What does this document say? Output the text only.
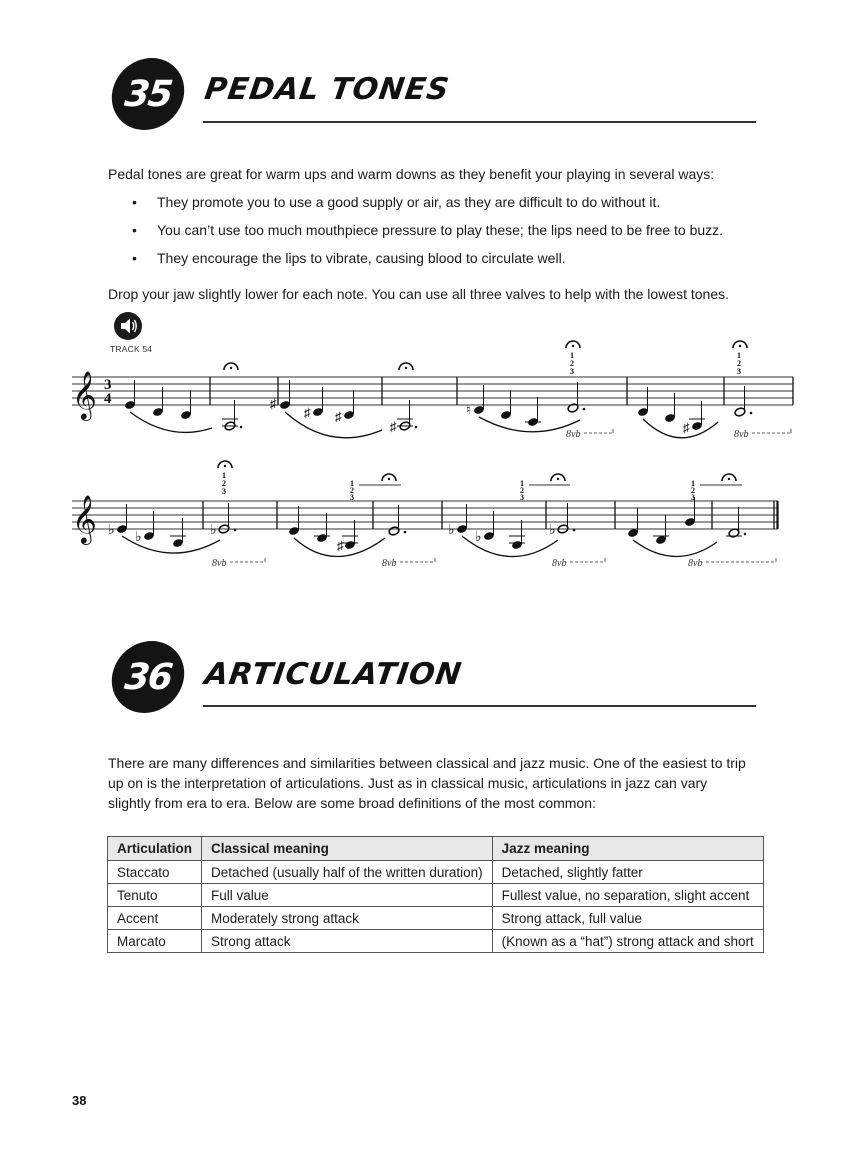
35 PEDAL TONES
Pedal tones are great for warm ups and warm downs as they benefit your playing in several ways:
• They promote you to use a good supply or air, as they are difficult to do without it.
• You can’t use too much mouthpiece pressure to play these; the lips need to be free to buzz.
• They encourage the lips to vibrate, causing blood to circulate well.
Drop your jaw slightly lower for each note. You can use all three valves to help with the lowest tones.
TRACK 54
𝄞 3
4	♯
♯ ♯
♯
♮
1
2
3
8vb	♯
1
2
3
8vb
𝄞 ♭ ♭	♭
1
2
3
8vb
♯
1
2
3
8vb
♭ ♭
1
2
3
♭
8vb
1
2
3
8vb
36 ARTICULATION
There are many differences and similarities between classical and jazz music. One of the easiest to trip
up on is the interpretation of articulations. Just as in classical music, articulations in jazz can vary
slightly from era to era. Below are some broad definitions of the most common:
Articulation	Classical meaning	Jazz meaning
Staccato	Detached (usually half of the written duration)	Detached, slightly fatter
Tenuto	Full value	Fullest value, no separation, slight accent
Accent	Moderately strong attack	Strong attack, full value
Marcato	Strong attack	(Known as a “hat”) strong attack and short
38
